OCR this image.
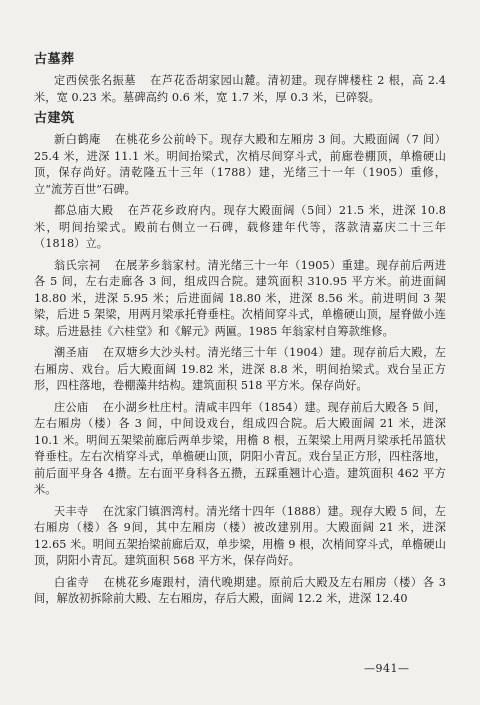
古墓葬

定西侯张名振墓 在芦花岙胡家园山麓。清初建。现存牌楼柱 2 根，高 2.4 米，宽 0.23 米。墓碑高约 0.6 米，宽 1.7 米，厚 0.3 米，已碎裂。

古建筑

新白鹤庵 在桃花乡公前岭下。现存大殿和左厢房 3 间。大殿面阔（7 间）25.4 米，进深 11.1 米。明间抬梁式，次梢尽间穿斗式，前廊卷棚顶，单檐硬山顶，保存尚好。清乾隆五十三年（1788）建，光绪三十一年（1905）重修，立“流芳百世”石碑。

都总庙大殿 在芦花乡政府内。现存大殿面阔（5间）21.5 米，进深 10.8 米，明间抬梁式。殿前右侧立一石碑，载修建年代等，落款清嘉庆二十三年（1818）立。

翁氏宗祠 在展茅乡翁家村。清光绪三十一年（1905）重建。现存前后两进各 5 间，左右走廊各 3 间，组成四合院。建筑面积 310.95 平方米。前进面阔 18.80 米，进深 5.95 米；后进面阔 18.80 米，进深 8.56 米。前进明间 3 架梁，后进 5 架梁，用两月梁承托脊垂柱。次梢间穿斗式，单檐硬山顶，屋脊做小连球。后进悬挂《六桂堂》和《解元》两匾。1985 年翁家村自筹款维修。

潮圣庙 在双塘乡大沙头村。清光绪三十年（1904）建。现存前后大殿，左右厢房、戏台。后大殿面阔 19.82 米，进深 8.8 米，明间抬梁式。戏台呈正方形，四柱落地，卷棚藻井结构。建筑面积 518 平方米。保存尚好。

庄公庙 在小湖乡杜庄村。清咸丰四年（1854）建。现存前后大殿各 5 间，左右厢房（楼）各 3 间，中间设戏台，组成四合院。后大殿面阔 21 米，进深 10.1 米。明间五架梁前廊后两单步梁，用檐 8 根，五架梁上用两月梁承托吊篮状脊垂柱。左右次梢穿斗式，单檐硬山顶，阴阳小青瓦。戏台呈正方形，四柱落地，前后面平身各 4攒。左右面平身科各五攒，五踩重翘计心造。建筑面积 462 平方米。

天丰寺 在沈家门镇泗湾村。清光绪十四年（1888）建。现存大殿 5 间，左右厢房（楼）各 9间，其中左厢房（楼）被改建别用。大殿面阔 21 米，进深 12.65 米。明间五架抬梁前廊后双，单步梁，用檐 9 根，次梢间穿斗式，单檐硬山顶，阴阳小青瓦。建筑面积 568 平方米，保存尚好。

白雀寺 在桃花乡庵跟村，清代晚期建。原前后大殿及左右厢房（楼）各 3间，解放初拆除前大殿、左右厢房，存后大殿，面阔 12.2 米，进深 12.40

—941—
